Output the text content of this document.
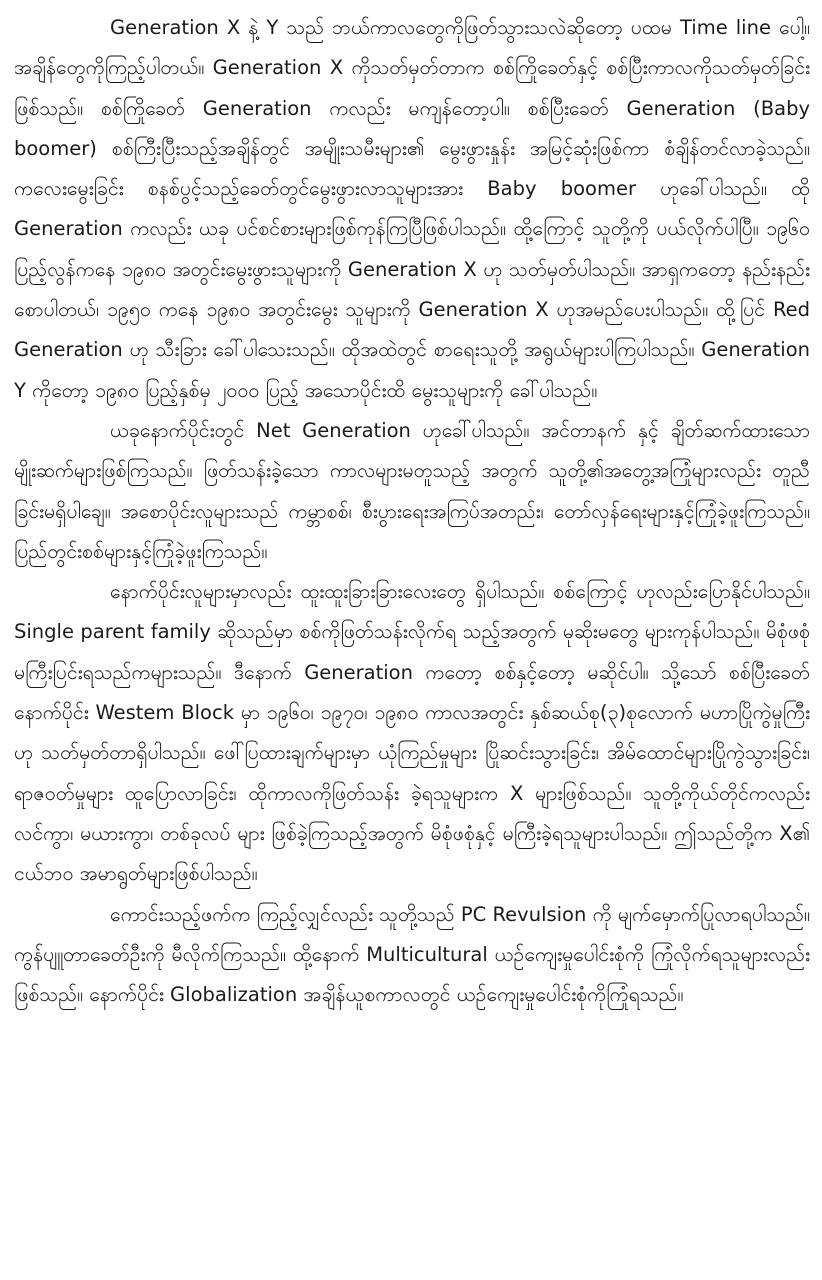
Generation X နဲ့ Y သည် ဘယ်ကာလတွေကိုဖြတ်သွားသလဲဆိုတော့ ပထမ Time line ပေါ့။ အချိန်တွေကိုကြည့်ပါတယ်။ Generation X ကိုသတ်မှတ်တာက စစ်ကြိုခေတ်နှင့် စစ်ပြီးကာလကိုသတ်မှတ်ခြင်းဖြစ်သည်။ စစ်ကြိုခေတ် Generation ကလည်း မကျန်တော့ပါ။ စစ်ပြီးခေတ် Generation (Baby boomer) စစ်ကြီးပြီးသည့်အချိန်တွင် အမျိုးသမီးများ၏ မွေးဖွားနှုန်း အမြင့်ဆုံးဖြစ်ကာ စံချိန်တင်လာခဲ့သည်။ ကလေးမွေးခြင်း စနစ်ပွင့်သည့်ခေတ်တွင်မွေးဖွားလာသူများအား Baby boomer ဟုခေါ်ပါသည်။ ထို Generation ကလည်း ယခု ပင်စင်စားများဖြစ်ကုန်ကြပြီဖြစ်ပါသည်။ ထို့ကြောင့် သူတို့ကို ပယ်လိုက်ပါပြီ။ ၁၉၆၀ ပြည့်လွန်ကနေ ၁၉၈၀ အတွင်းမွေးဖွားသူများကို Generation X ဟု သတ်မှတ်ပါသည်။ အာရှကတော့ နည်းနည်းစောပါတယ်၊ ၁၉၅၀ ကနေ ၁၉၈၀ အတွင်းမွေး သူများကို Generation X ဟုအမည်ပေးပါသည်။ ထို့ပြင် Red Generation ဟု သီးခြား ခေါ်ပါသေးသည်။ ထိုအထဲတွင် စာရေးသူတို့ အရွယ်များပါကြပါသည်။ Generation Y ကိုတော့ ၁၉၈၀ ပြည့်နှစ်မှ ၂၀၀၀ ပြည့် အသောပိုင်းထိ မွေးသူများကို ခေါ်ပါသည်။

ယခုနောက်ပိုင်းတွင် Net Generation ဟုခေါ်ပါသည်။ အင်တာနက် နှင့် ချိတ်ဆက်ထားသောမျိုးဆက်များဖြစ်ကြသည်။ ဖြတ်သန်းခဲ့သော ကာလများမတူသည့် အတွက် သူတို့၏အတွေ့အကြုံများလည်း တူညီခြင်းမရှိပါချေ။ အစောပိုင်းလူများသည် ကမ္ဘာစစ်၊ စီးပွားရေးအကြပ်အတည်း၊ တော်လှန်ရေးများနှင့်ကြုံခဲ့ဖူးကြသည်။ ပြည်တွင်းစစ်များနှင့်ကြုံခဲ့ဖူးကြသည်။

နောက်ပိုင်းလူများမှာလည်း ထူးထူးခြားခြားလေးတွေ ရှိပါသည်။ စစ်ကြောင့် ဟုလည်းပြောနိုင်ပါသည်။ Single parent family ဆိုသည်မှာ စစ်ကိုဖြတ်သန်းလိုက်ရ သည့်အတွက် မုဆိုးမတွေ များကုန်ပါသည်။ မိစုံဖစုံ မကြီးပြင်းရသည်ကများသည်။ ဒီနောက် Generation ကတော့ စစ်နှင့်တော့ မဆိုင်ပါ။ သို့သော် စစ်ပြီးခေတ်နောက်ပိုင်း Westem Block မှာ ၁၉၆၀၊ ၁၉၇၀၊ ၁၉၈၀ ကာလအတွင်း နှစ်ဆယ်စု(၃)စုလောက် မဟာပြိုကွဲမှုကြီး ဟု သတ်မှတ်တာရှိပါသည်။ ဖေါ်ပြထားချက်များမှာ ယုံကြည်မှုများ ပြိုဆင်းသွားခြင်း၊ အိမ်ထောင်များပြိုကွဲသွားခြင်း၊ ရာဇဝတ်မှုများ ထူပြောလာခြင်း၊ ထိုကာလကိုဖြတ်သန်း ခဲ့ရသူများက X များဖြစ်သည်။ သူတို့ကိုယ်တိုင်ကလည်း လင်ကွာ၊ မယားကွာ၊ တစ်ခုလပ် များ ဖြစ်ခဲ့ကြသည့်အတွက် မိစုံဖစုံနှင့် မကြီးခဲ့ရသူများပါသည်။ ဤသည်တို့က X၏ ငယ်ဘဝ အမာရွတ်များဖြစ်ပါသည်။

ကောင်းသည့်ဖက်က ကြည့်လျှင်လည်း သူတို့သည် PC Revulsion ကို မျက်မှောက်ပြုလာရပါသည်။ ကွန်ပျူတာခေတ်ဦးကို မီလိုက်ကြသည်။ ထို့နောက် Multicultural ယဉ်ကျေးမှုပေါင်းစုံကို ကြုံလိုက်ရသူများလည်းဖြစ်သည်။ နောက်ပိုင်း Globalization အချိန်ယူစကာလတွင် ယဉ်ကျေးမှုပေါင်းစုံကိုကြုံရသည်။
